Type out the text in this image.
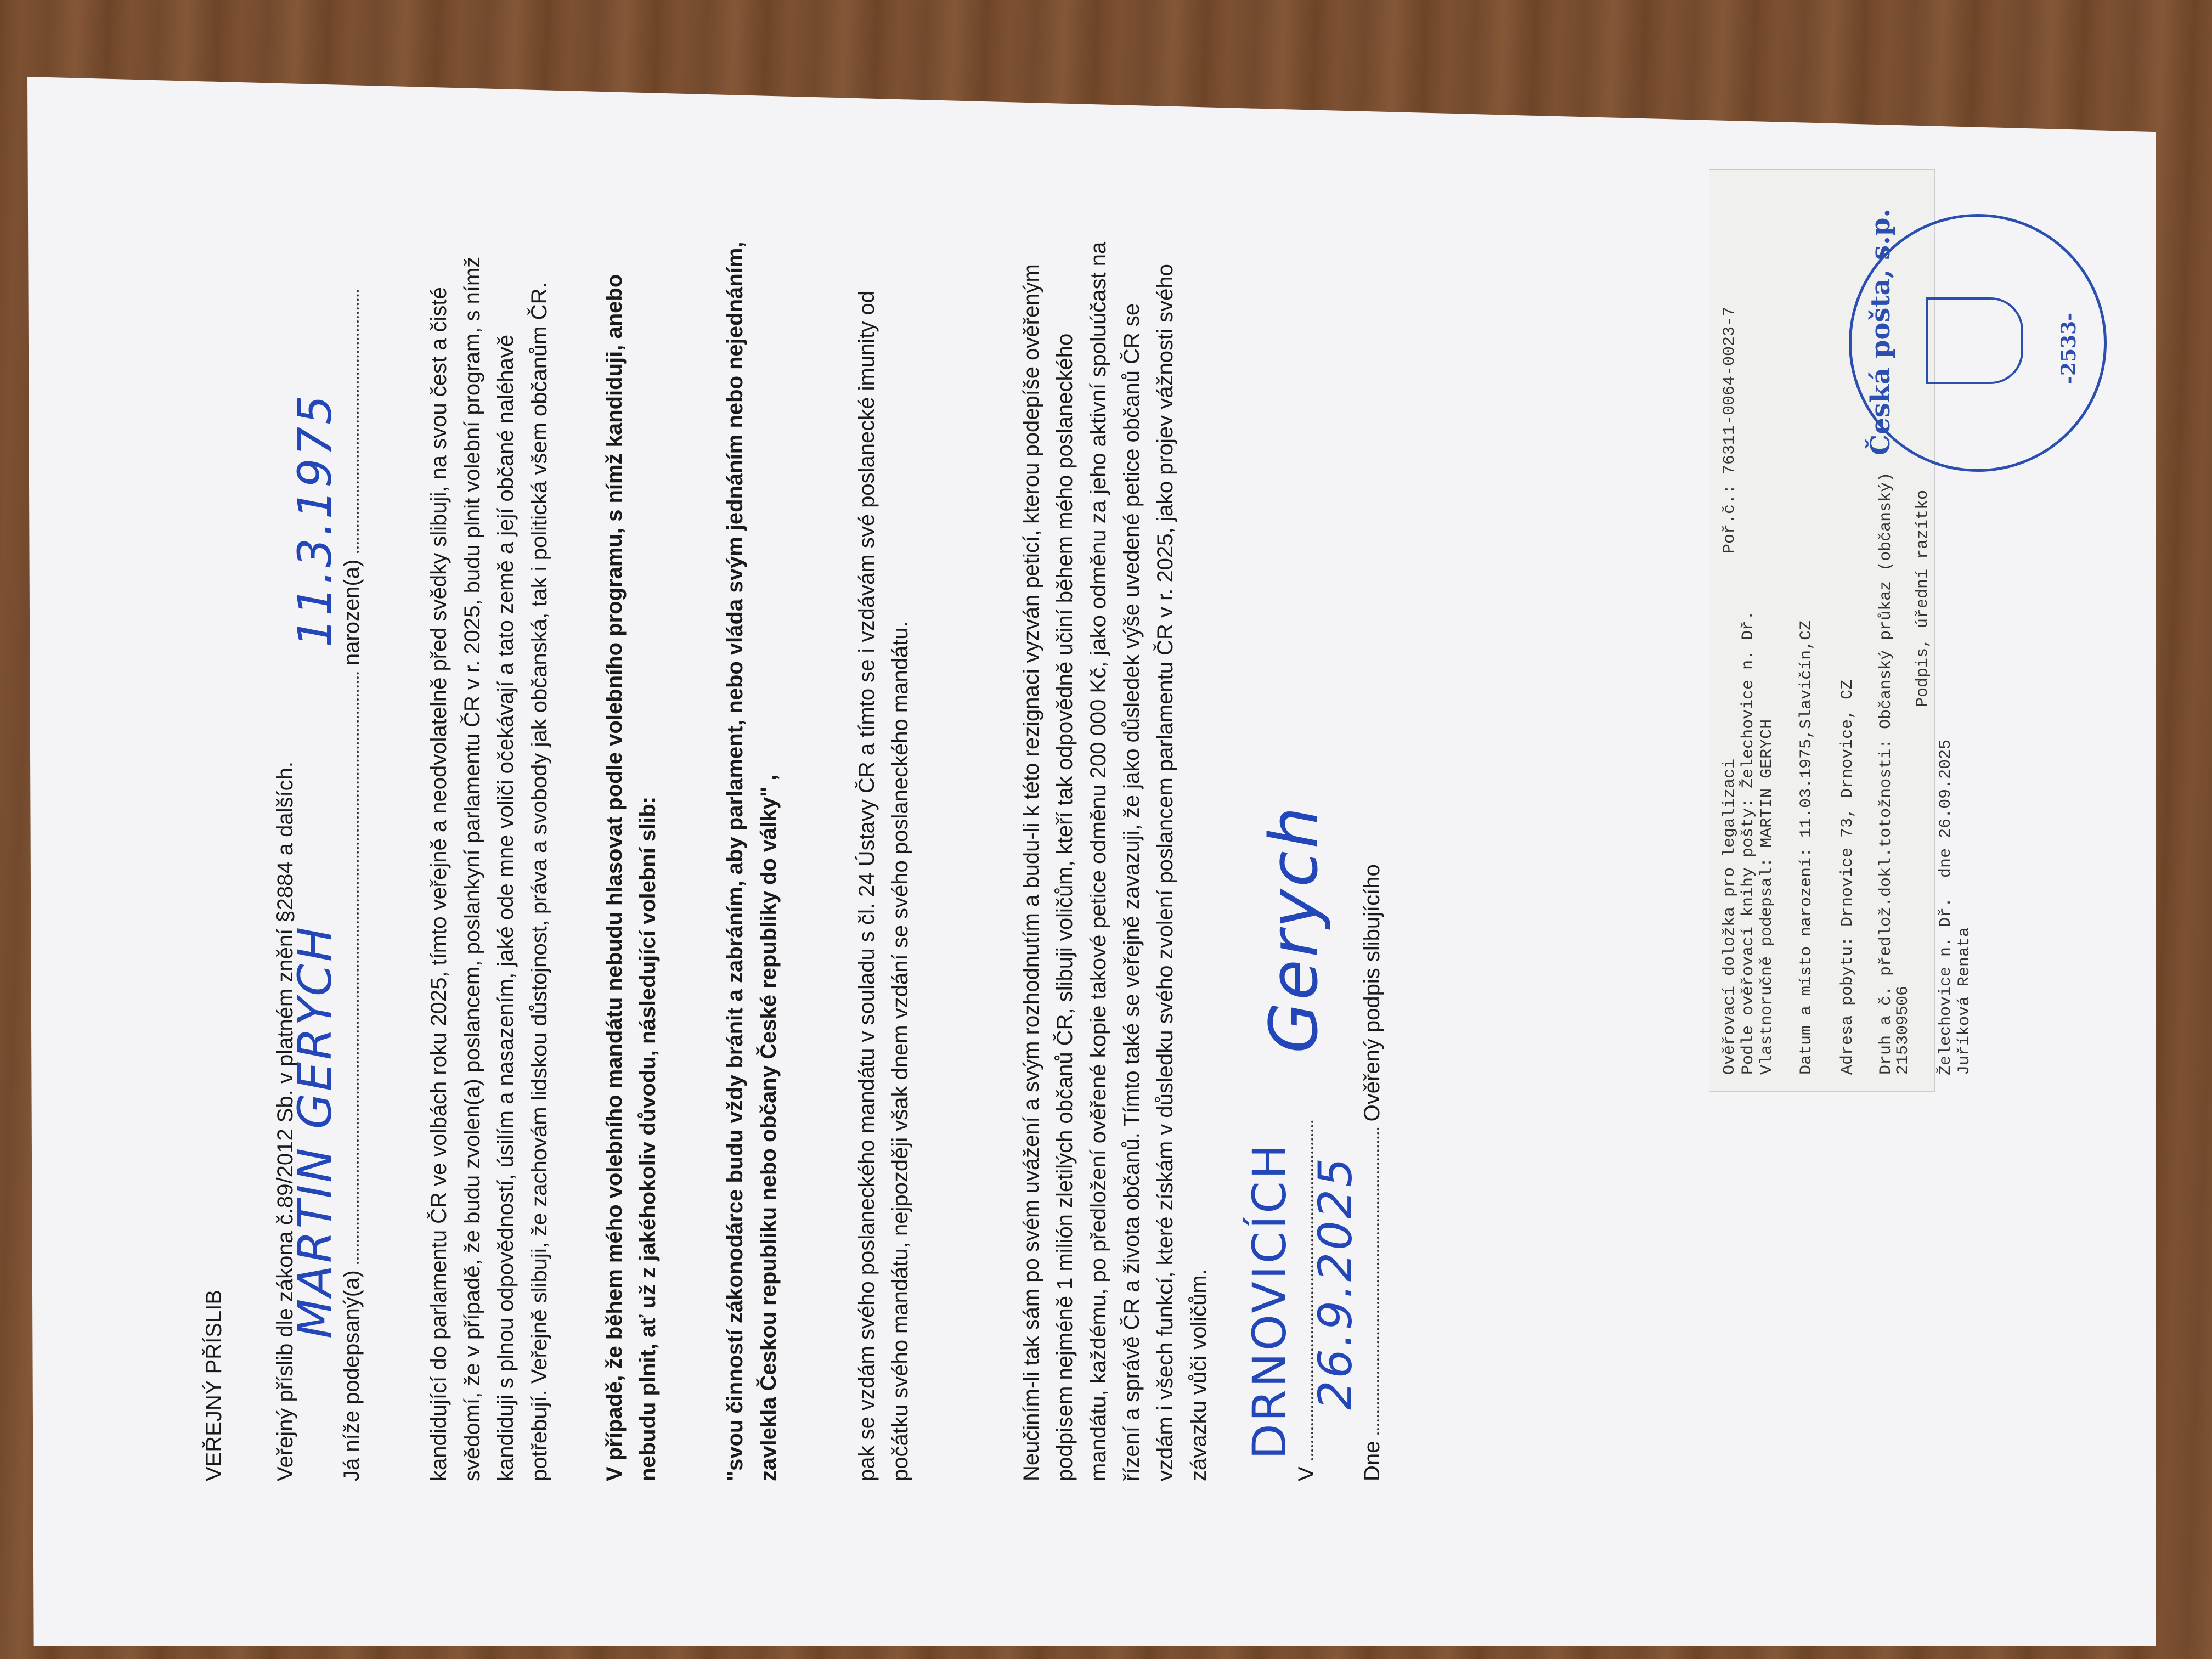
VEŘEJNÝ PŘÍSLIB Veřejný příslib dle zákona č.89/2012 Sb. v platném znění §2884 a dalších. Já níže podepsaný(a)  narozen(a)
MARTIN GERYCH
11.3.1975	kandidující do parlamentu ČR ve volbách roku 2025, tímto veřejně a neodvolatelně před svědky slibuji, na svou čest a čisté svědomí, že v případě, že budu zvolen(a) poslancem, poslankyní parlamentu ČR v r. 2025, budu plnit volební program, s nímž kandiduji s plnou odpovědností, úsilím a nasazením, jaké ode mne voliči očekávají a tato země a její občané naléhavě potřebují. Veřejně slibuji, že zachovám lidskou důstojnost, práva a svobody jak občanská, tak i politická všem občanům ČR. V případě, že během mého volebního mandátu nebudu hlasovat podle volebního programu, s nímž kandiduji, anebo nebudu plnit, ať už z jakéhokoliv důvodu, následující volební slib:	"svou činností zákonodárce budu vždy bránit a zabráním, aby parlament, nebo vláda svým jednáním nebo nejednáním, zavlekla Českou republiku nebo občany České republiky do války" ,	pak se vzdám svého poslaneckého mandátu v souladu s čl. 24 Ústavy ČR a tímto se i vzdávám své poslanecké imunity od počátku svého mandátu, nejpozději však dnem vzdání se svého poslaneckého mandátu.	Neučiním-li tak sám po svém uvážení a svým rozhodnutím a budu-li k této rezignaci vyzván peticí, kterou podepíše ověřeným podpisem nejméně 1 milión zletilých občanů ČR, slibuji voličům, kteří tak odpovědně učiní během mého poslaneckého mandátu, každému, po předložení ověřené kopie takové petice odměnu 200 000 Kč, jako odměnu za jeho aktivní spoluúčast na řízení a správě ČR a života občanů. Tímto také se veřejně zavazuji, že jako důsledek výše uvedené petice občanů ČR se vzdám i všech funkcí, které získám v důsledku svého zvolení poslancem parlamentu ČR v r. 2025, jako projev vážnosti svého závazku vůči voličům.	V
DRNOVICÍCH
Dne  Ověřený podpis slibujícího
26.9.2025
Gerych	Ověřovací doložka pro legalizaci
Poř.č.: 76311-0064-0023-7
Podle ověřovací knihy pošty: Želechovice n. Dř. Vlastnoručně podepsal: MARTIN GERYCH Datum a místo narození: 11.03.1975,Slavičín,CZ Adresa pobytu: Drnovice 73, Drnovice, CZ Druh a č. předlož.dokl.totožnosti: Občanský průkaz (občanský)
215309506
Podpis, úřední razítko
Želechovice n. Dř.  dne 26.09.2025 Juříková Renata
Česká pošta, s.p.	-2533-
